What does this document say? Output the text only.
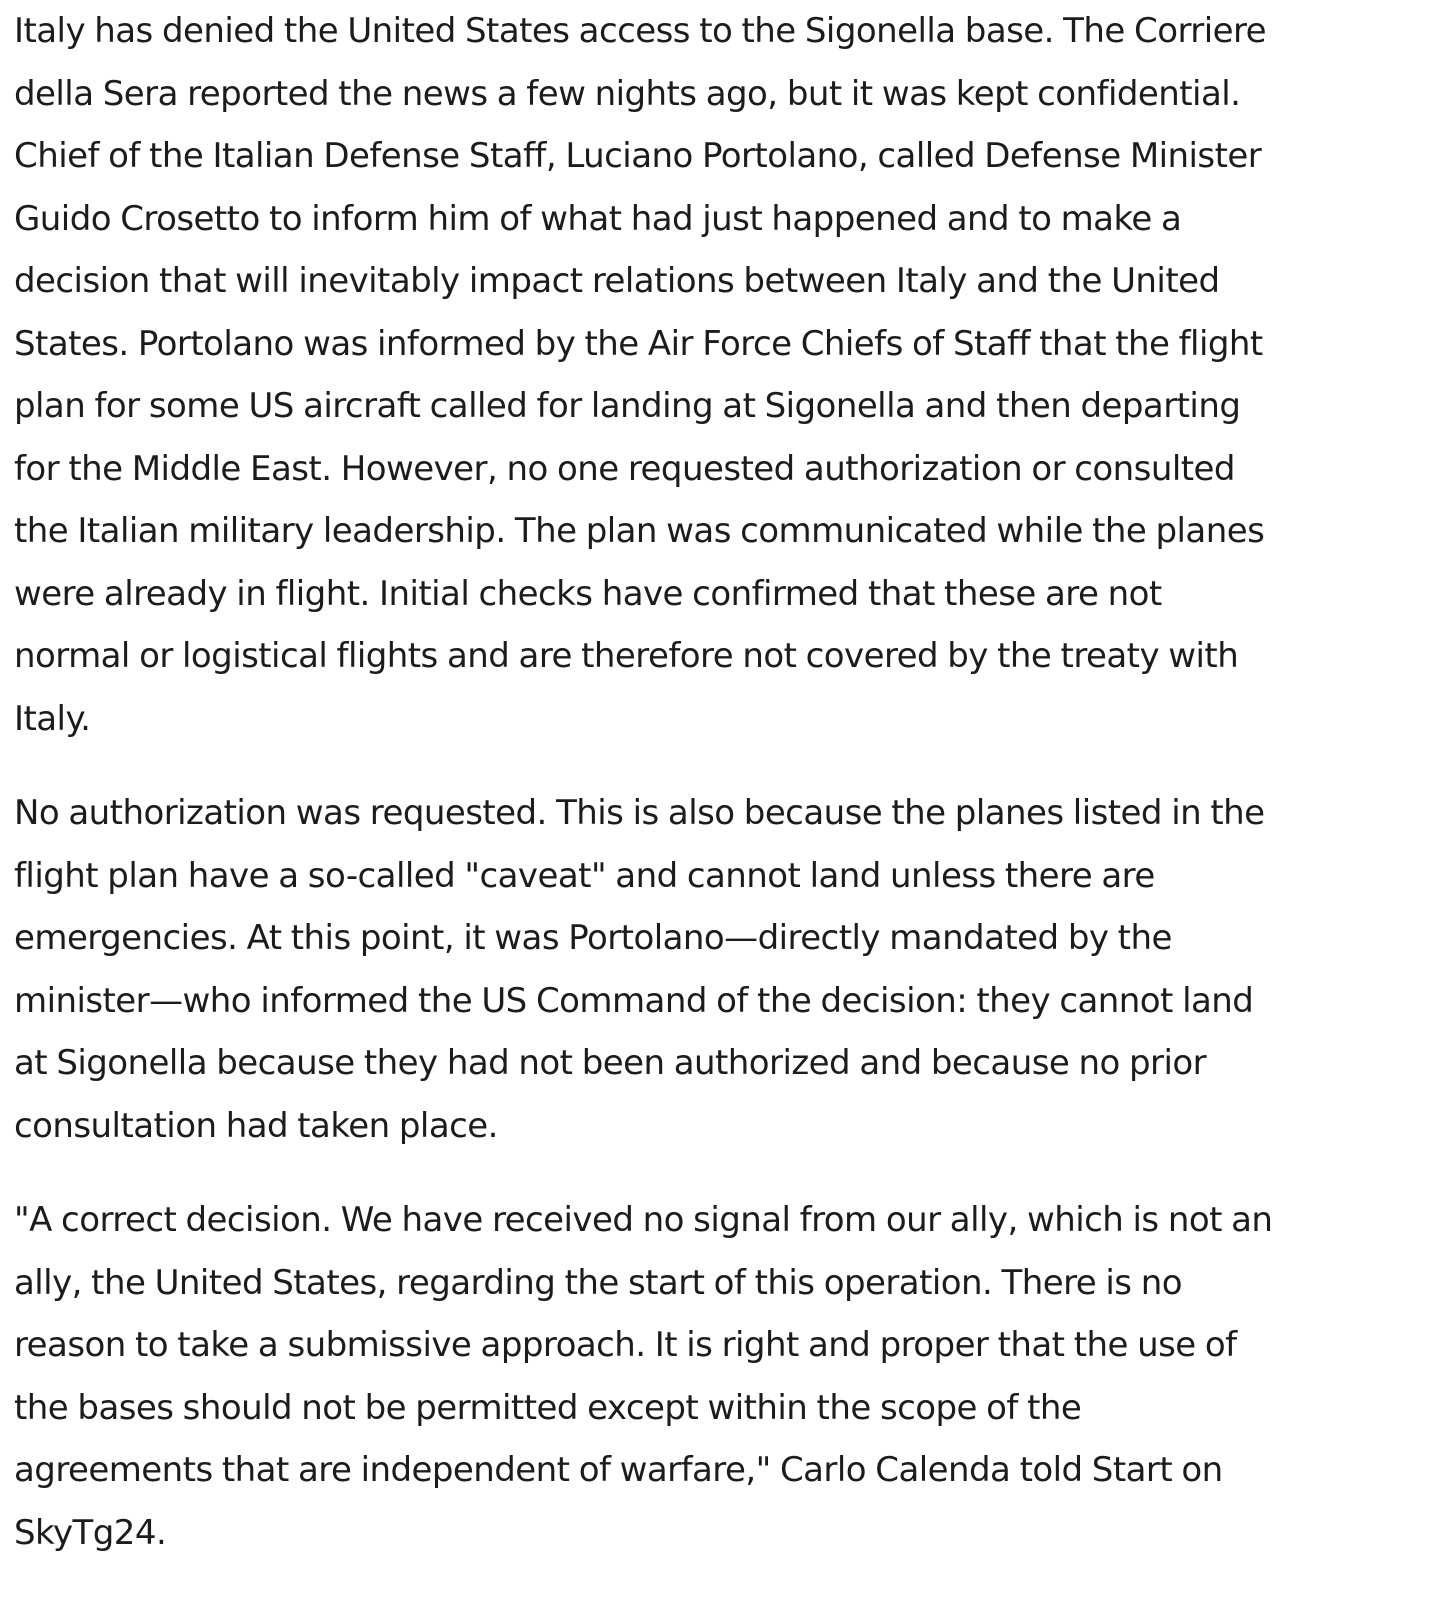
Italy has denied the United States access to the Sigonella base. The Corriere
della Sera reported the news a few nights ago, but it was kept confidential.
Chief of the Italian Defense Staff, Luciano Portolano, called Defense Minister
Guido Crosetto to inform him of what had just happened and to make a
decision that will inevitably impact relations between Italy and the United
States. Portolano was informed by the Air Force Chiefs of Staff that the flight
plan for some US aircraft called for landing at Sigonella and then departing
for the Middle East. However, no one requested authorization or consulted
the Italian military leadership. The plan was communicated while the planes
were already in flight. Initial checks have confirmed that these are not
normal or logistical flights and are therefore not covered by the treaty with
Italy.

No authorization was requested. This is also because the planes listed in the
flight plan have a so-called "caveat" and cannot land unless there are
emergencies. At this point, it was Portolano—directly mandated by the
minister—who informed the US Command of the decision: they cannot land
at Sigonella because they had not been authorized and because no prior
consultation had taken place.

"A correct decision. We have received no signal from our ally, which is not an
ally, the United States, regarding the start of this operation. There is no
reason to take a submissive approach. It is right and proper that the use of
the bases should not be permitted except within the scope of the
agreements that are independent of warfare," Carlo Calenda told Start on
SkyTg24.
